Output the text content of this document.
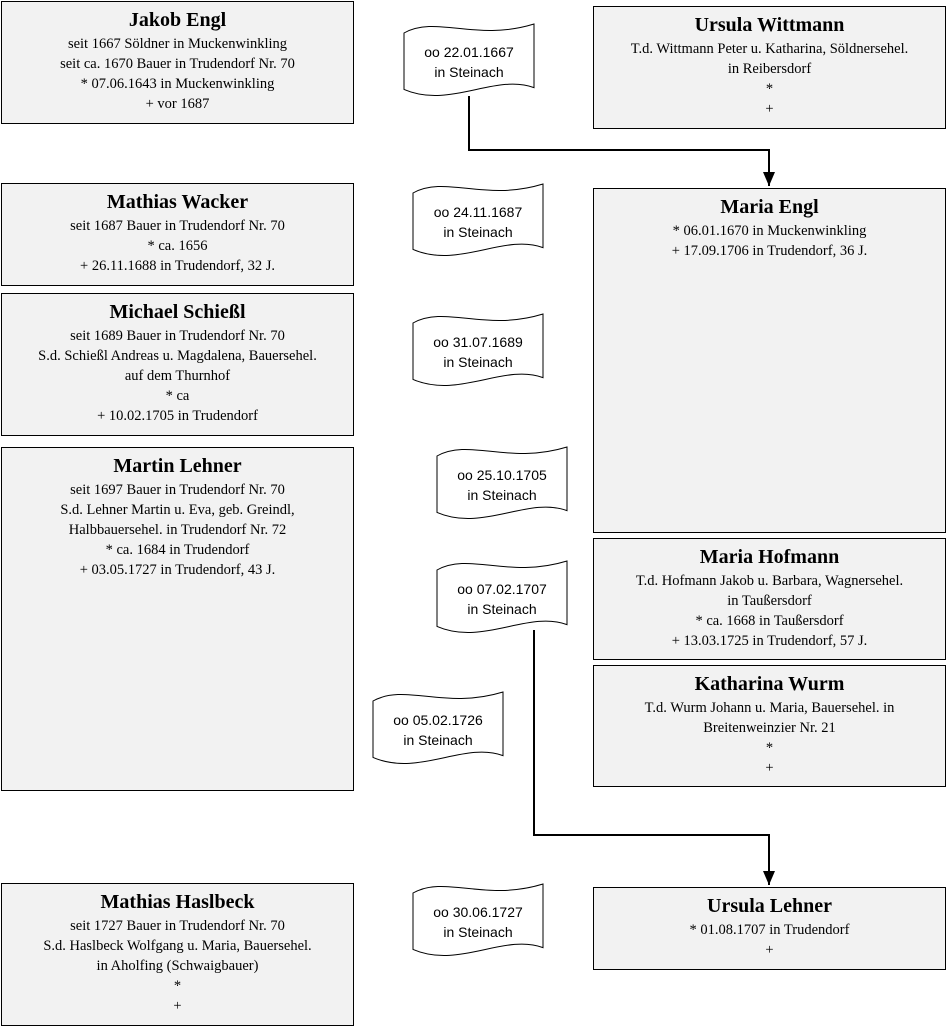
Jakob Engl
seit 1667 Söldner in Muckenwinkling
seit ca. 1670 Bauer in Trudendorf Nr. 70
* 07.06.1643 in Muckenwinkling
+ vor 1687
Ursula Wittmann
T.d. Wittmann Peter u. Katharina, Söldnersehel.
in Reibersdorf
*
+
Mathias Wacker
seit 1687 Bauer in Trudendorf Nr. 70
* ca. 1656
+ 26.11.1688 in Trudendorf, 32 J.
Maria Engl
* 06.01.1670 in Muckenwinkling
+ 17.09.1706 in Trudendorf, 36 J.
Michael Schießl
seit 1689 Bauer in Trudendorf Nr. 70
S.d. Schießl Andreas u. Magdalena, Bauersehel.
auf dem Thurnhof
* ca
+ 10.02.1705 in Trudendorf
Martin Lehner
seit 1697 Bauer in Trudendorf Nr. 70
S.d. Lehner Martin u. Eva, geb. Greindl,
Halbbauersehel. in Trudendorf Nr. 72
* ca. 1684 in Trudendorf
+ 03.05.1727 in Trudendorf, 43 J.
Maria Hofmann
T.d. Hofmann Jakob u. Barbara, Wagnersehel.
in Taußersdorf
* ca. 1668 in Taußersdorf
+ 13.03.1725 in Trudendorf, 57 J.
Katharina Wurm
T.d. Wurm Johann u. Maria, Bauersehel. in
Breitenweinzier Nr. 21
*
+
Mathias Haslbeck
seit 1727 Bauer in Trudendorf Nr. 70
S.d. Haslbeck Wolfgang u. Maria, Bauersehel.
in Aholfing (Schwaigbauer)
*
+
Ursula Lehner
* 01.08.1707 in Trudendorf
+
oo 22.01.1667
in Steinach
oo 24.11.1687
in Steinach
oo 31.07.1689
in Steinach
oo 25.10.1705
in Steinach
oo 07.02.1707
in Steinach
oo 05.02.1726
in Steinach
oo 30.06.1727
in Steinach
